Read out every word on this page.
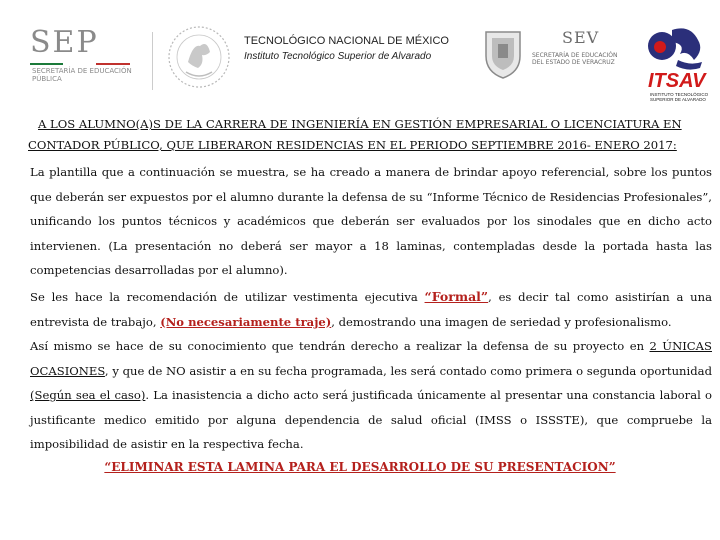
SEP
SECRETARÍA DE EDUCACIÓN PÚBLICA
TECNOLÓGICO NACIONAL DE MÉXICO
Instituto Tecnológico Superior de Alvarado
SEV
SECRETARÍA DE EDUCACIÓN DEL ESTADO DE VERACRUZ
ITSAV
INSTITUTO TECNOLÓGICO SUPERIOR DE ALVARADO
A LOS ALUMNO(A)S DE LA CARRERA DE INGENIERÍA EN GESTIÓN EMPRESARIAL O LICENCIATURA EN
CONTADOR PÚBLICO, QUE LIBERARON RESIDENCIAS EN EL PERIODO SEPTIEMBRE 2016- ENERO 2017:
La plantilla que a continuación se muestra, se ha creado a manera de brindar apoyo referencial, sobre los puntos que deberán ser expuestos por el alumno durante la defensa de su “Informe Técnico de Residencias Profesionales”, unificando los puntos técnicos y académicos que deberán ser evaluados por los sinodales que en dicho acto intervienen. (La presentación no deberá ser mayor a 18 laminas, contempladas desde la portada hasta las competencias desarrolladas por el alumno).
Se les hace la recomendación de utilizar vestimenta ejecutiva “Formal”, es decir tal como asistirían a una entrevista de trabajo, (No necesariamente traje), demostrando una imagen de seriedad y profesionalismo.
Así mismo se hace de su conocimiento que tendrán derecho a realizar la defensa de su proyecto en 2 ÚNICAS OCASIONES, y que de NO asistir a en su fecha programada, les será contado como primera o segunda oportunidad (Según sea el caso). La inasistencia a dicho acto será justificada únicamente al presentar una constancia laboral o justificante medico emitido por alguna dependencia de salud oficial (IMSS o ISSSTE), que compruebe la imposibilidad de asistir en la respectiva fecha.
“ELIMINAR ESTA LAMINA PARA EL DESARROLLO DE SU PRESENTACION”
